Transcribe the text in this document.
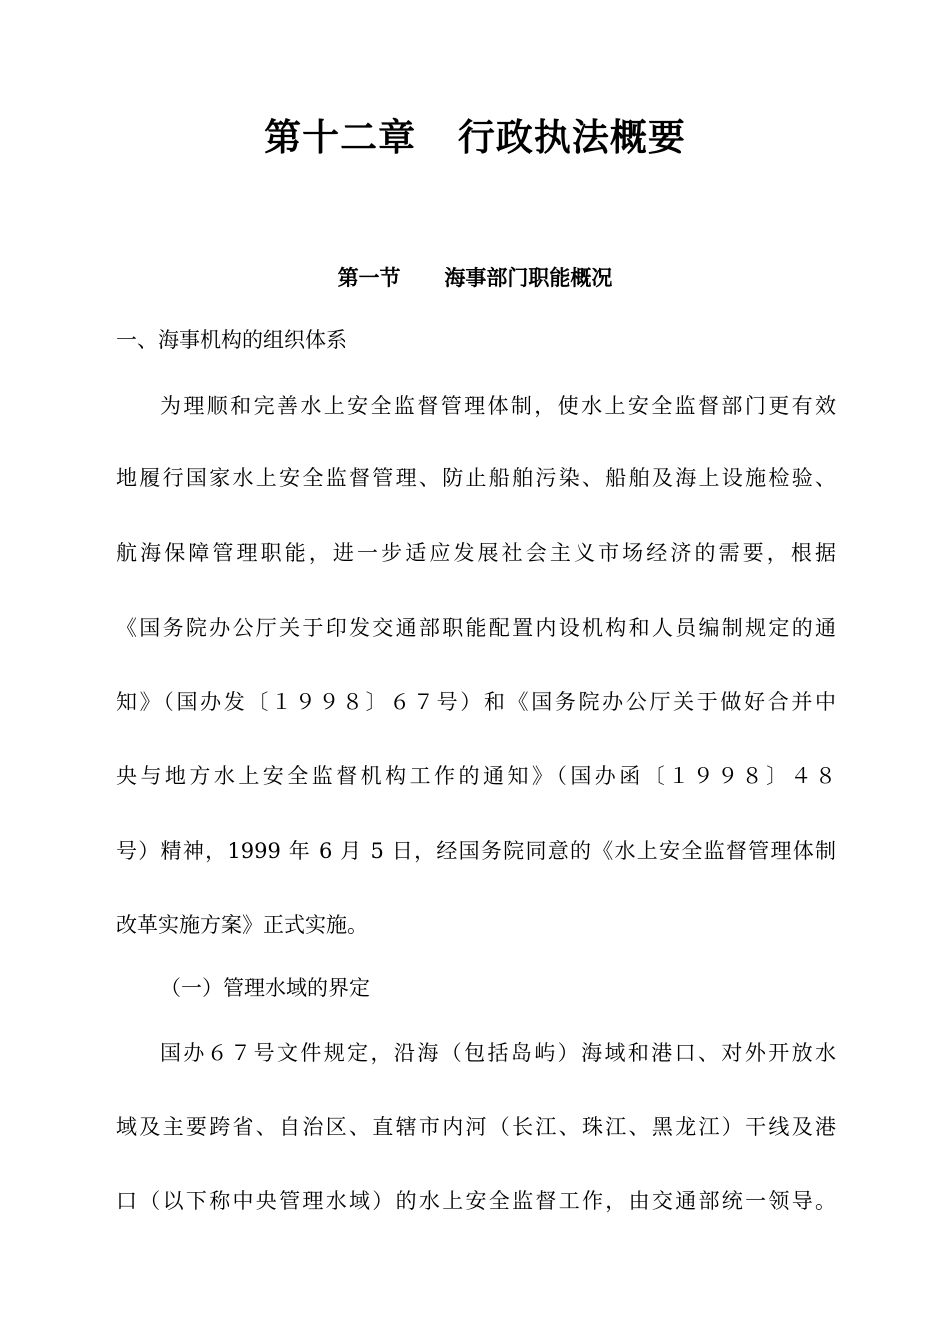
第十二章   行政执法概要
第一节      海事部门职能概况

一、海事机构的组织体系

为理顺和完善水上安全监督管理体制，使水上安全监督部门更有效

地履行国家水上安全监督管理、防止船舶污染、船舶及海上设施检验、

航海保障管理职能，进一步适应发展社会主义市场经济的需要，根据

《国务院办公厅关于印发交通部职能配置内设机构和人员编制规定的通

知》（国办发〔１９９８〕６７号）和《国务院办公厅关于做好合并中

央与地方水上安全监督机构工作的通知》（国办函〔１９９８〕４８

号）精神，1999 年 6 月 5 日，经国务院同意的《水上安全监督管理体制

改革实施方案》正式实施。

（一）管理水域的界定

国办６７号文件规定，沿海（包括岛屿）海域和港口、对外开放水

域及主要跨省、自治区、直辖市内河（长江、珠江、黑龙江）干线及港

口（以下称中央管理水域）的水上安全监督工作，由交通部统一领导。
